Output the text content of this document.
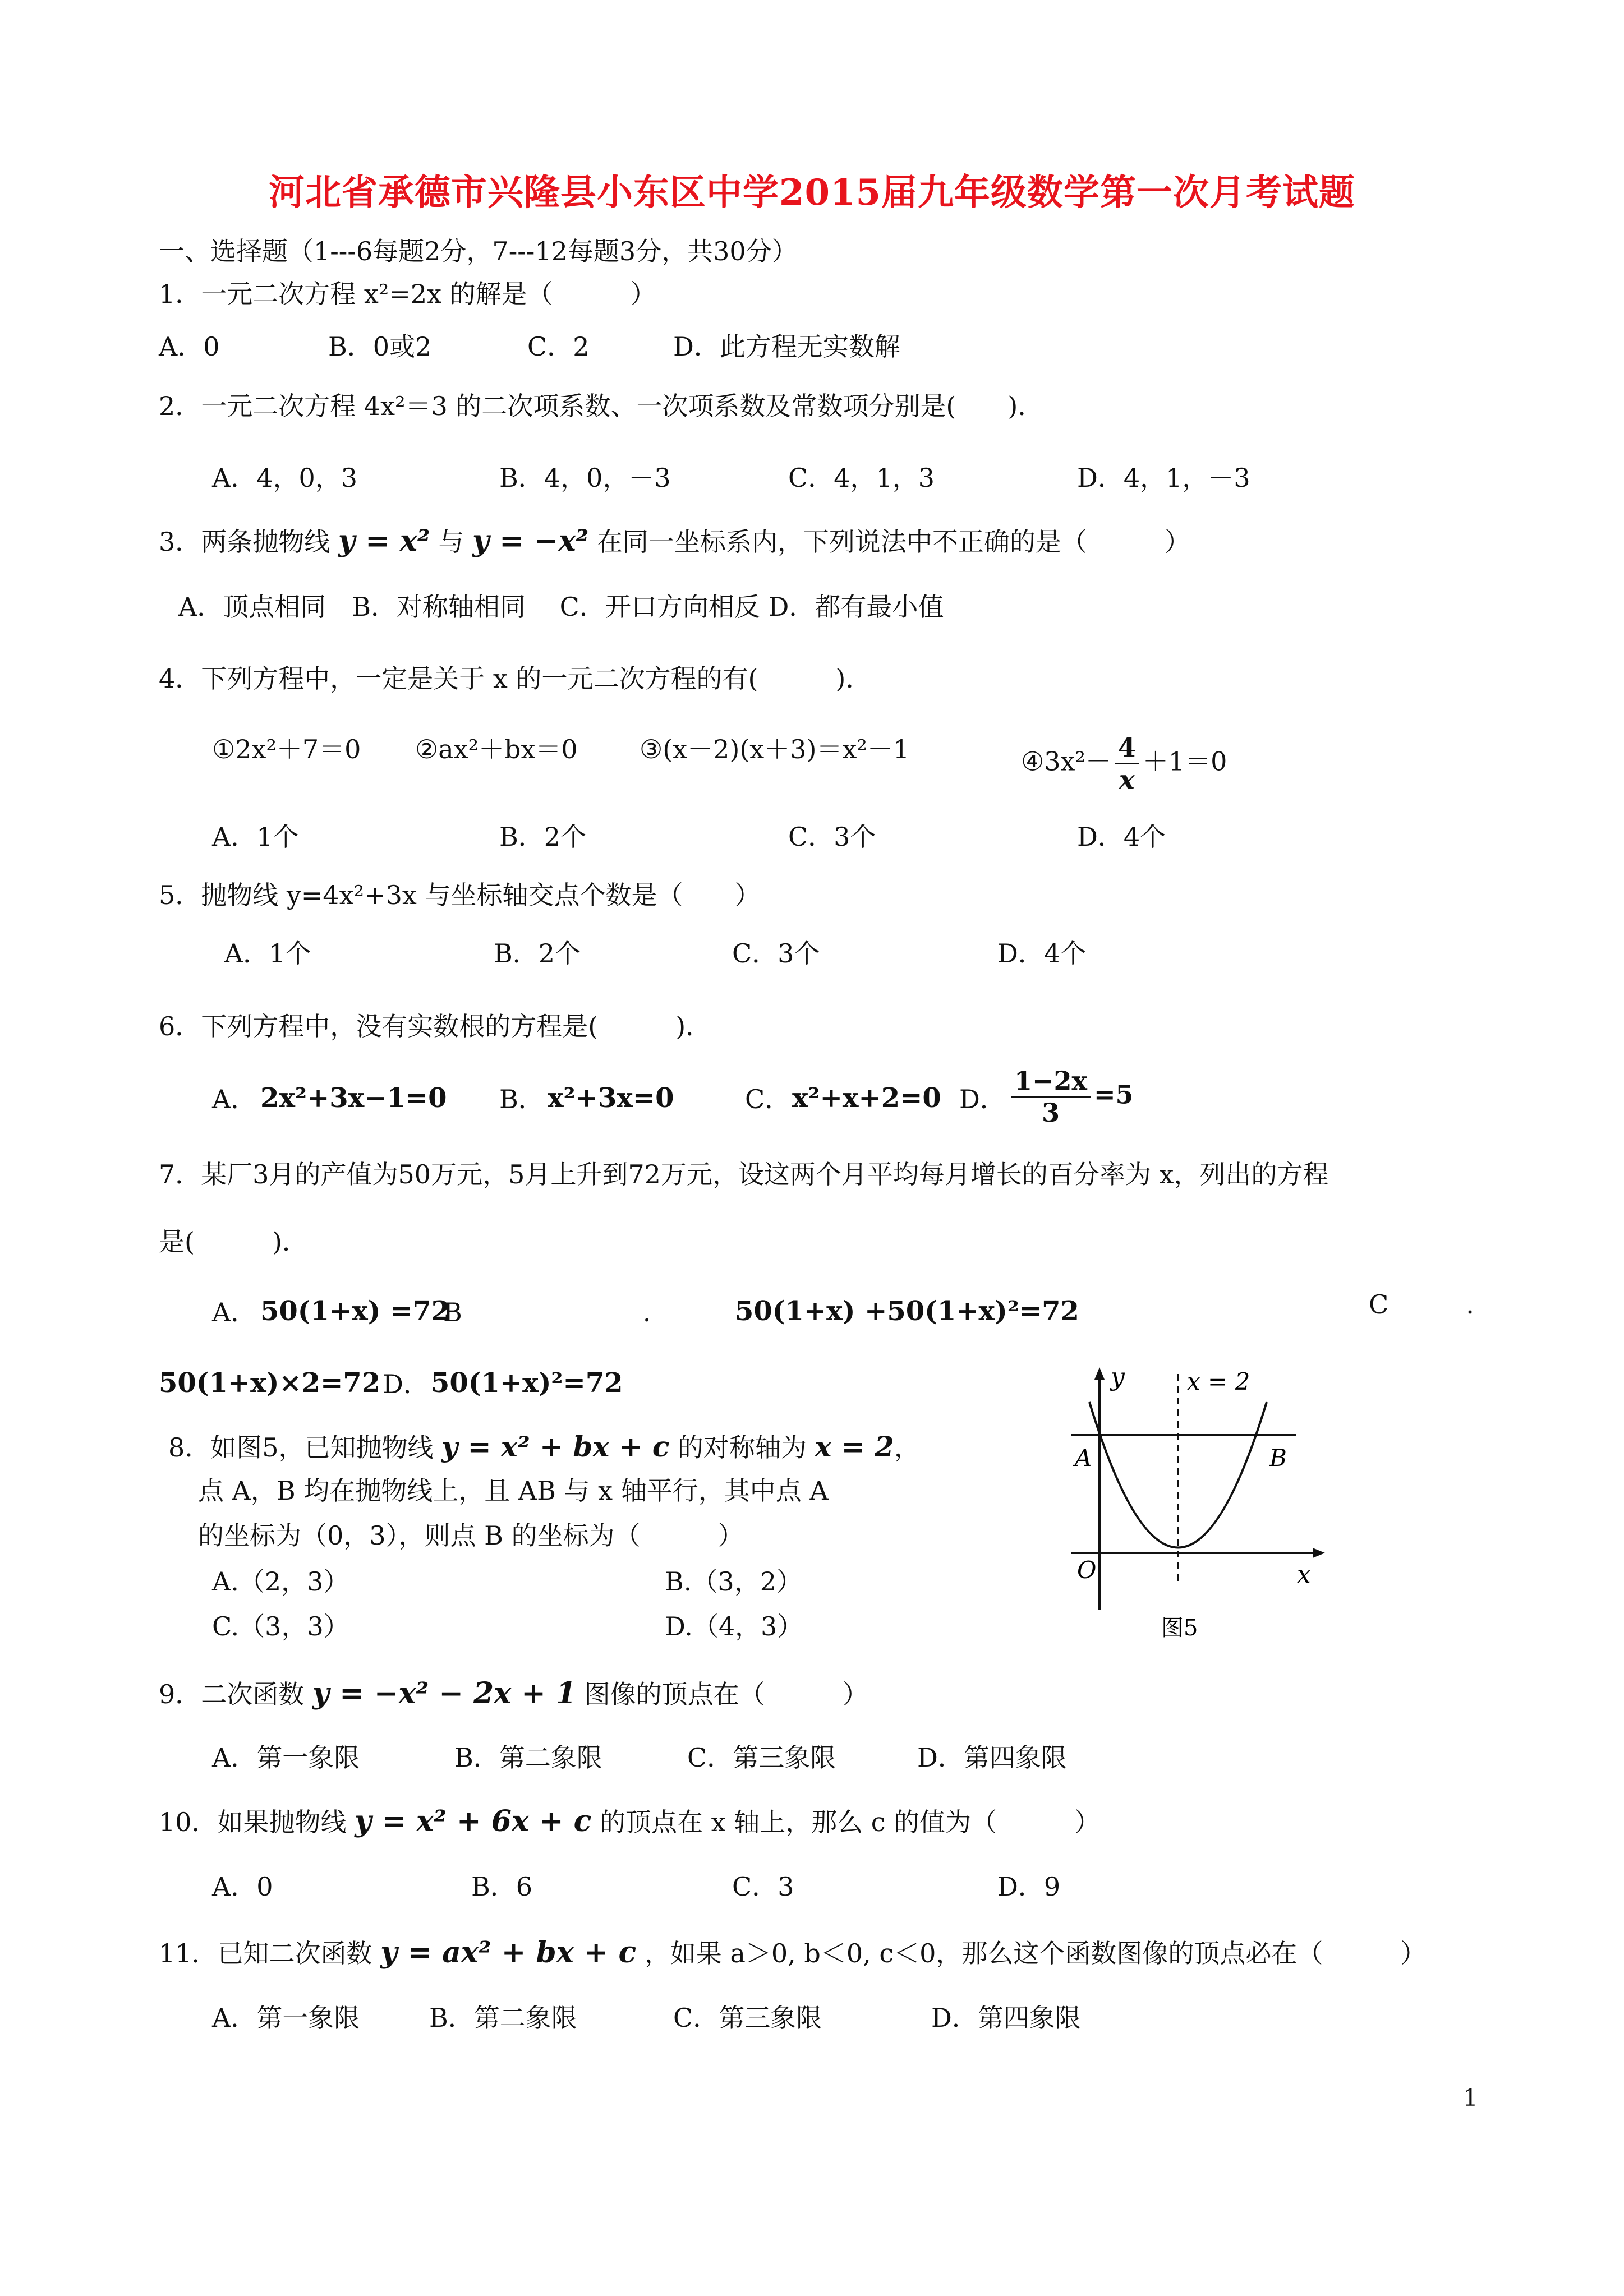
河北省承德市兴隆县小东区中学2015届九年级数学第一次月考试题
一、选择题（1---6每题2分，7---12每题3分，共30分）
1．一元二次方程 x²=2x 的解是（　　　）
A．0	B．0或2	C．2	D．此方程无实数解
2．一元二次方程 4x²＝3 的二次项系数、一次项系数及常数项分别是(　　)．
A．4，0，3	B．4，0，－3	C．4，1，3	D．4，1，－3
3．两条抛物线 y = x² 与 y = −x² 在同一坐标系内，下列说法中不正确的是（　　　）
A．顶点相同　B．对称轴相同　 C．开口方向相反 D．都有最小值
4．下列方程中，一定是关于 x 的一元二次方程的有(　　　)．
①2x²＋7＝0 ②ax²＋bx＝0 ③(x－2)(x＋3)＝x²－1	④3x²－ $\frac{4}{x} +1=0$
A．1个	B．2个	C．3个	D．4个
5．抛物线 y=4x²+3x 与坐标轴交点个数是（　　）
A．1个	B．2个	C．3个	D．4个
6．下列方程中，没有实数根的方程是(　　　)．
A． 2x²+3x−1=0 B． x²+3x=0	C． x²+x+2=0 D． $\frac{1-2x}{3} =5$
7．某厂3月的产值为50万元，5月上升到72万元，设这两个月平均每月增长的百分率为 x，列出的方程
是(　　　)．
A． 50(1+x) =72
B　　　　　　　.	50(1+x) +50(1+x)²=72	C　　　.
50(1+x)×2=72 D． 50(1+x)²=72
8．如图5，已知抛物线 y = x² + bx + c 的对称轴为 x = 2，
点 A，B 均在抛物线上，且 AB 与 x 轴平行，其中点 A
的坐标为（0，3），则点 B 的坐标为（　　　）
A.（2，3）	B.（3，2）
C.（3，3）	D.（4，3）
y	x = 2
A	B
O	x
图5
9．二次函数 y = −x² − 2x + 1 图像的顶点在（　　　）
A．第一象限	B．第二象限	C．第三象限	D．第四象限
10．如果抛物线 y = x² + 6x + c 的顶点在 x 轴上，那么 c 的值为（　　　）
A．0	B．6	C．3	D．9
11．已知二次函数 y = ax² + bx + c ，如果 a＞0, b＜0, c＜0，那么这个函数图像的顶点必在（　　　）
A．第一象限	B．第二象限	C．第三象限	D．第四象限
1
